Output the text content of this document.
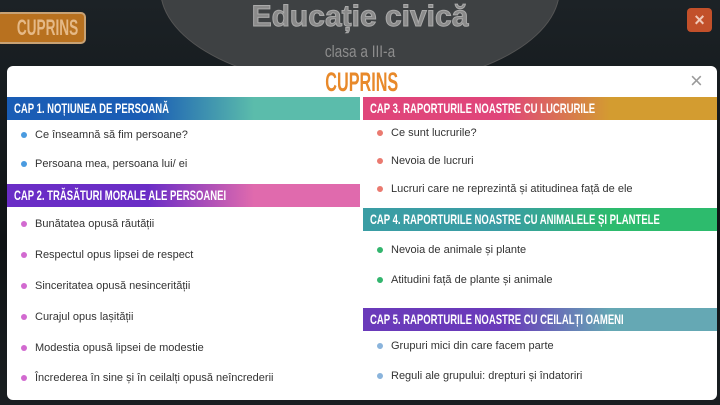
Educație civică
clasa a III-a
CUPRINS	×
CUPRINS	×
CAP 1. NOȚIUNEA DE PERSOANĂ
Ce înseamnă să fim persoane?
Persoana mea, persoana lui/ ei
CAP 2. TRĂSĂTURI MORALE ALE PERSOANEI
Bunătatea opusă răutății
Respectul opus lipsei de respect
Sinceritatea opusă nesincerității
Curajul opus lașității
Modestia opusă lipsei de modestie
Încrederea în sine și în ceilalți opusă neîncrederii
CAP 3. RAPORTURILE NOASTRE CU LUCRURILE
Ce sunt lucrurile?
Nevoia de lucruri
Lucruri care ne reprezintă și atitudinea față de ele
CAP 4. RAPORTURILE NOASTRE CU ANIMALELE ȘI PLANTELE
Nevoia de animale și plante
Atitudini față de plante și animale
CAP 5. RAPORTURILE NOASTRE CU CEILALȚI OAMENI
Grupuri mici din care facem parte
Reguli ale grupului: drepturi și îndatoriri
